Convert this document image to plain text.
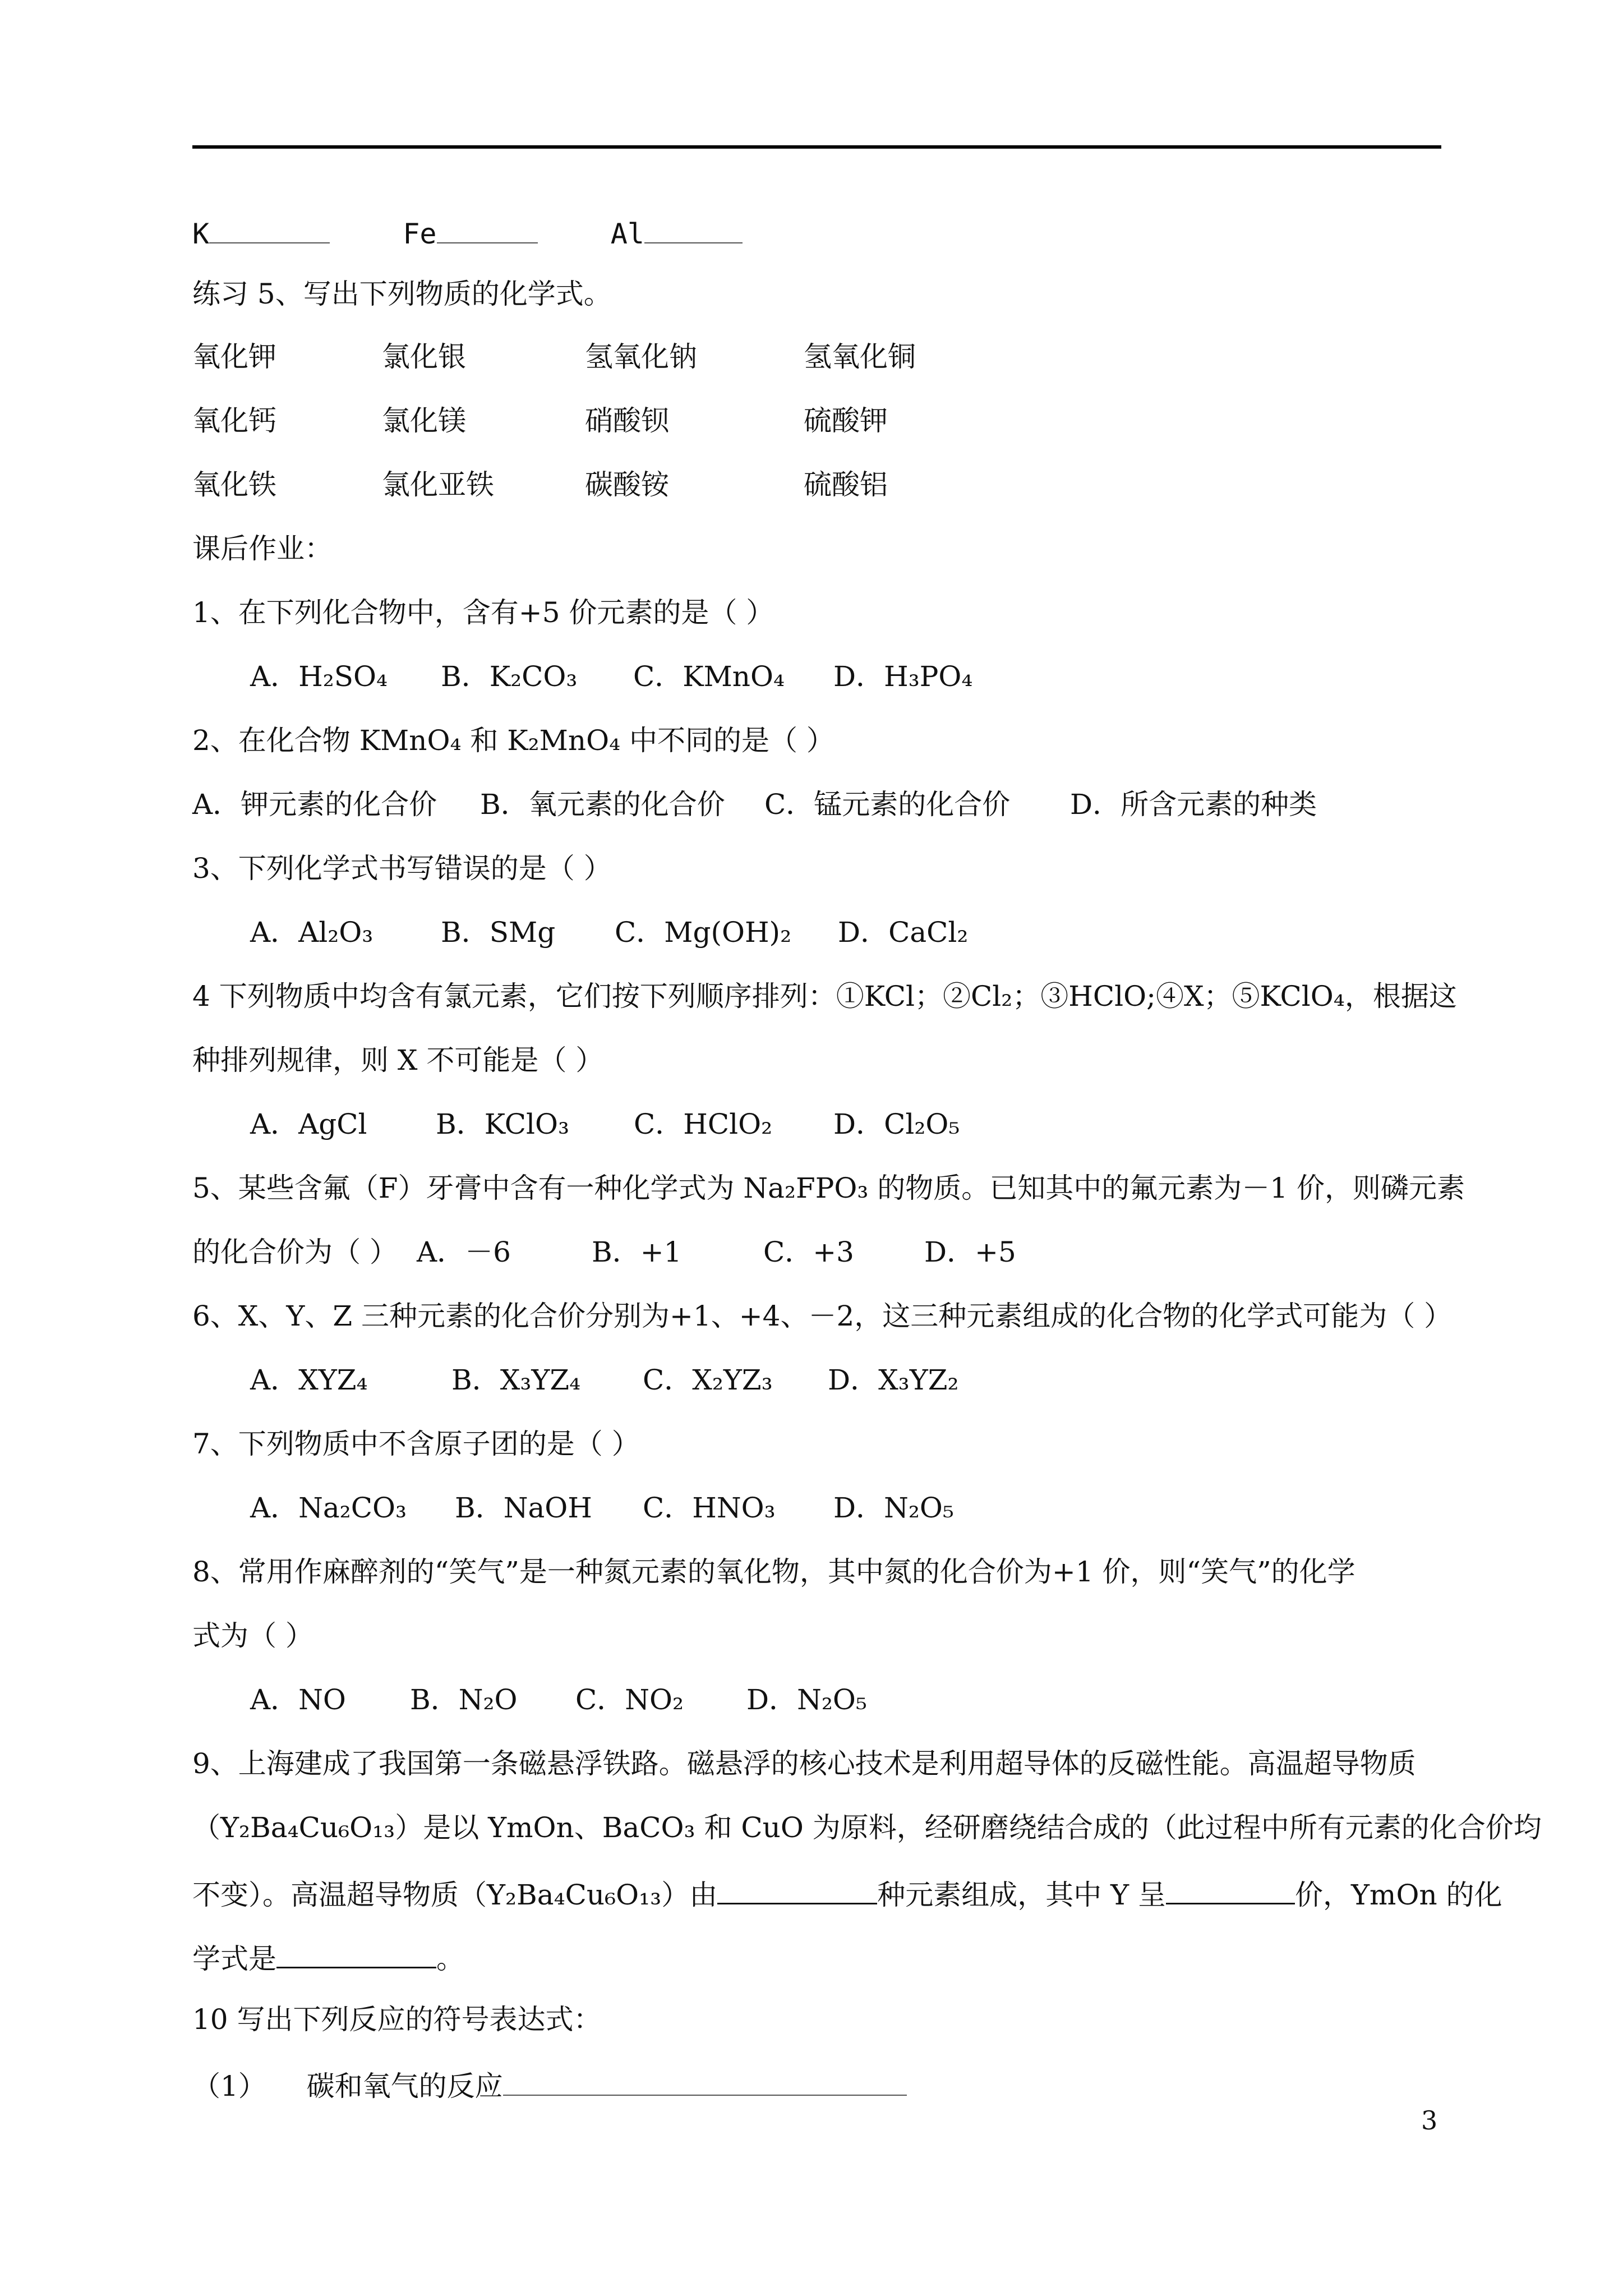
K	Fe	Al
练习 5、写出下列物质的化学式。
氧化钾	氯化银	氢氧化钠	氢氧化铜
氧化钙	氯化镁	硝酸钡	硫酸钾
氧化铁	氯化亚铁	碳酸铵	硫酸铝
课后作业：
1、在下列化合物中，含有+5 价元素的是（ ）
A．H₂SO₄ B．K₂CO₃ C．KMnO₄ D．H₃PO₄
2、在化合物 KMnO₄ 和 K₂MnO₄ 中不同的是（ ）
A．钾元素的化合价 B．氧元素的化合价 C．锰元素的化合价 D．所含元素的种类
3、下列化学式书写错误的是（ ）
A．Al₂O₃ B．SMg C．Mg(OH)₂ D．CaCl₂
4 下列物质中均含有氯元素，它们按下列顺序排列：①KCl；②Cl₂；③HClO;④X；⑤KClO₄，根据这
种排列规律，则 X 不可能是（ ）
A．AgCl B．KClO₃ C．HClO₂ D．Cl₂O₅
5、某些含氟（F）牙膏中含有一种化学式为 Na₂FPO₃ 的物质。已知其中的氟元素为－1 价，则磷元素
的化合价为（ ） A．－6	B．+1	C．+3	D．+5
6、X、Y、Z 三种元素的化合价分别为+1、+4、－2，这三种元素组成的化合物的化学式可能为（ ）
A．XYZ₄	B．X₃YZ₄ C．X₂YZ₃ D．X₃YZ₂
7、下列物质中不含原子团的是（ ）
A．Na₂CO₃ B．NaOH C．HNO₃ D．N₂O₅
8、常用作麻醉剂的“笑气”是一种氮元素的氧化物，其中氮的化合价为+1 价，则“笑气”的化学
式为（ ）
A．NO B．N₂O C．NO₂ D．N₂O₅
9、上海建成了我国第一条磁悬浮铁路。磁悬浮的核心技术是利用超导体的反磁性能。高温超导物质
（Y₂Ba₄Cu₆O₁₃）是以 YmOn、BaCO₃ 和 CuO 为原料，经研磨绕结合成的（此过程中所有元素的化合价均
不变）。高温超导物质（Y₂Ba₄Cu₆O₁₃）由	种元素组成，其中 Y 呈	价，YmOn 的化
学式是	。
10 写出下列反应的符号表达式：
（1） 碳和氧气的反应
3
